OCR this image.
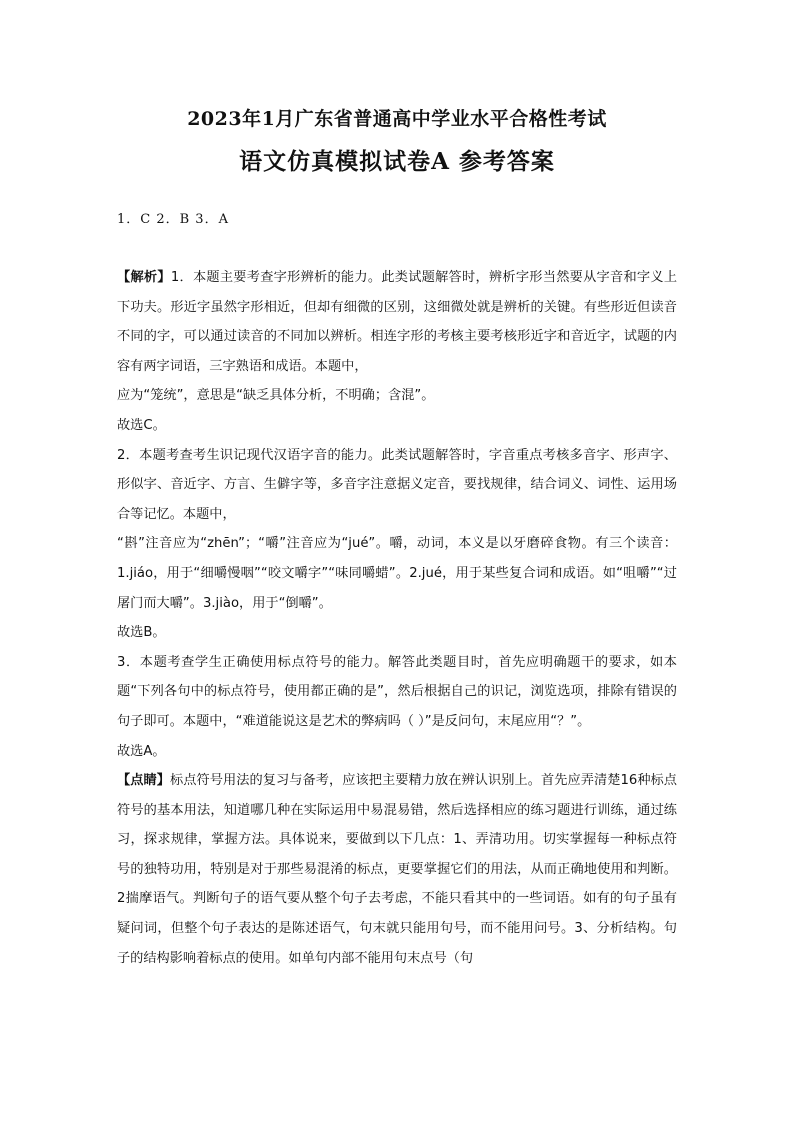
2023年1月广东省普通高中学业水平合格性考试
语文仿真模拟试卷A 参考答案
1．C 2．B 3．A

【解析】1．本题主要考查字形辨析的能力。此类试题解答时，辨析字形当然要从字音和字义上下功夫。形近字虽然字形相近，但却有细微的区别，这细微处就是辨析的关键。有些形近但读音不同的字，可以通过读音的不同加以辨析。相连字形的考核主要考核形近字和音近字，试题的内容有两字词语，三字熟语和成语。本题中，

应为“笼统”，意思是“缺乏具体分析，不明确；含混”。

故选C。

2．本题考查考生识记现代汉语字音的能力。此类试题解答时，字音重点考核多音字、形声字、形似字、音近字、方言、生僻字等，多音字注意据义定音，要找规律，结合词义、词性、运用场合等记忆。本题中，

“斟”注音应为“zhēn”；“嚼”注音应为“jué”。嚼，动词，本义是以牙磨碎食物。有三个读音：1.jiáo，用于“细嚼慢咽”“咬文嚼字”“味同嚼蜡”。2.jué，用于某些复合词和成语。如“咀嚼”“过屠门而大嚼”。3.jiào，用于“倒嚼”。

故选B。

3．本题考查学生正确使用标点符号的能力。解答此类题目时，首先应明确题干的要求，如本题“下列各句中的标点符号，使用都正确的是”，然后根据自己的识记，浏览选项，排除有错误的句子即可。本题中，“难道能说这是艺术的弊病吗（ ）”是反问句，末尾应用“？”。

故选A。

【点睛】标点符号用法的复习与备考，应该把主要精力放在辨认识别上。首先应弄清楚16种标点符号的基本用法，知道哪几种在实际运用中易混易错，然后选择相应的练习题进行训练，通过练习，探求规律，掌握方法。具体说来，要做到以下几点：1、弄清功用。切实掌握每一种标点符号的独特功用，特别是对于那些易混淆的标点，更要掌握它们的用法，从而正确地使用和判断。2揣摩语气。判断句子的语气要从整个句子去考虑，不能只看其中的一些词语。如有的句子虽有疑问词，但整个句子表达的是陈述语气，句末就只能用句号，而不能用问号。3、分析结构。句子的结构影响着标点的使用。如单句内部不能用句末点号（句
